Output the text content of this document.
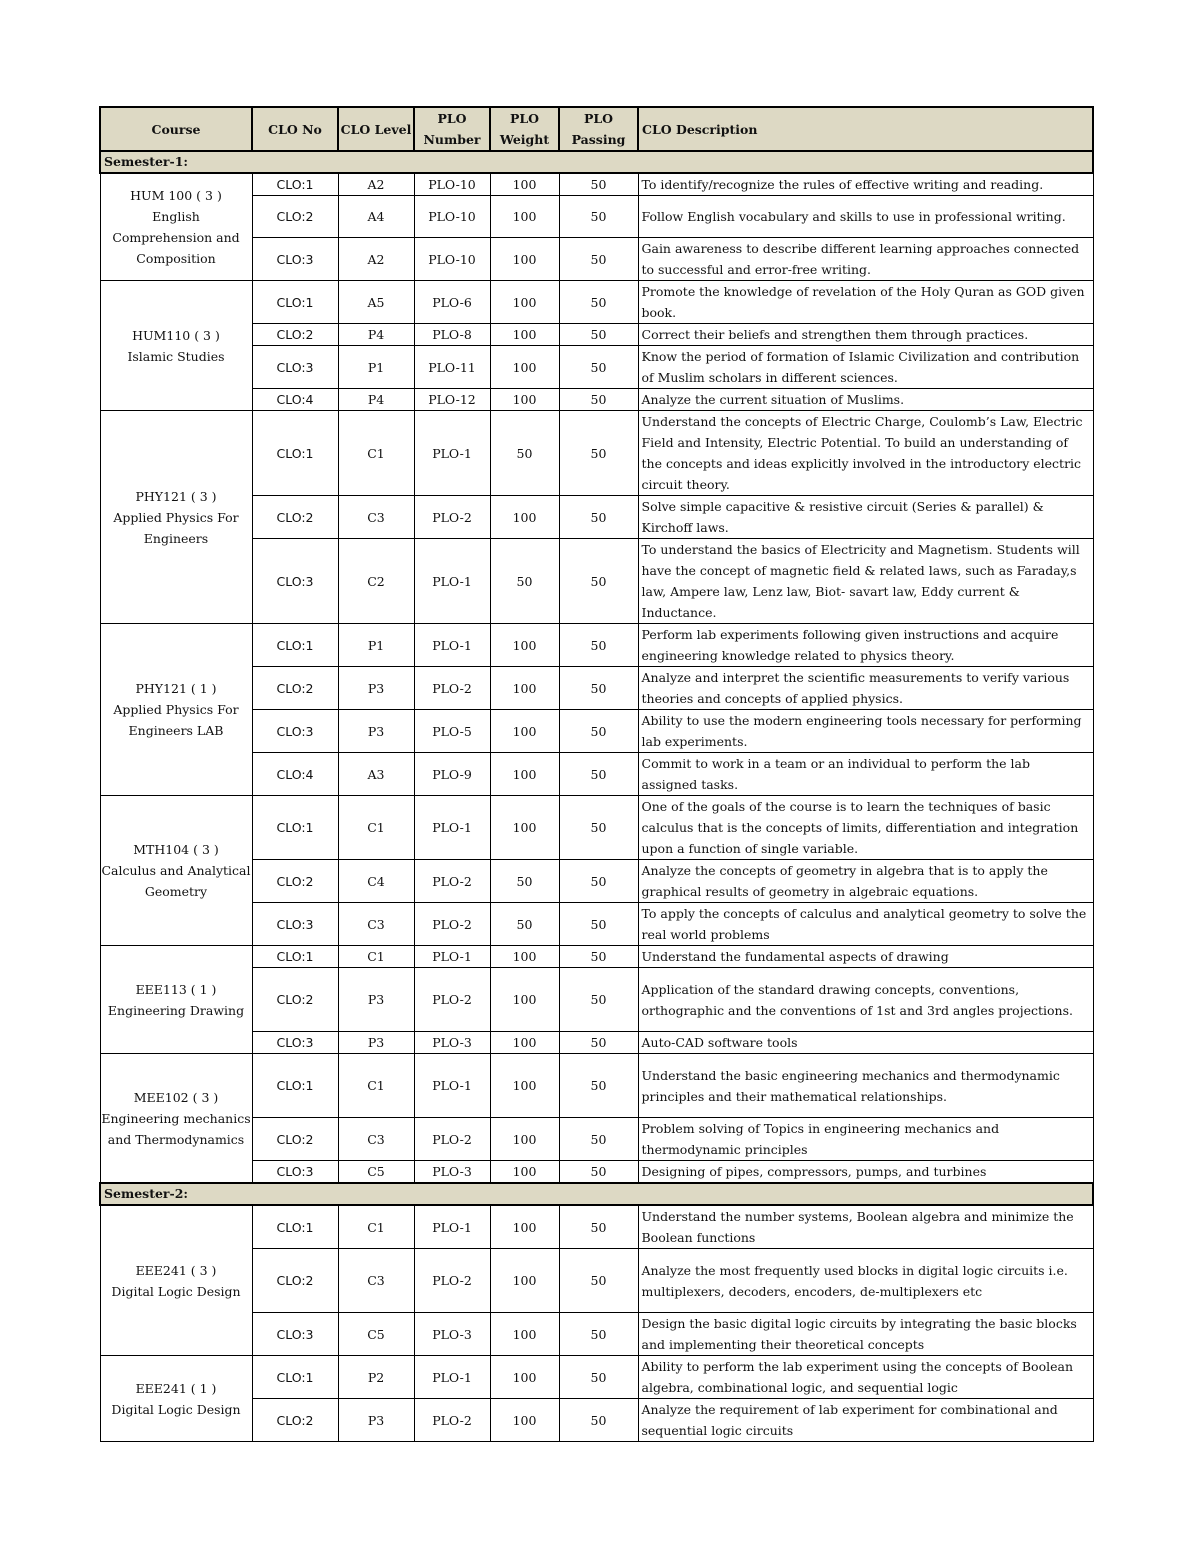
Course	CLO No	CLO Level	PLO Number	PLO Weight	PLO Passing	CLO Description
Semester-1:						

HUM 100 ( 3 )
English Comprehension and Composition	CLO:1	A2	PLO-10	100	50	To identify/recognize the rules of effective writing and reading.
	CLO:2	A4	PLO-10	100	50	Follow English vocabulary and skills to use in professional writing.
	CLO:3	A2	PLO-10	100	50	Gain awareness to describe different learning approaches connected to successful and error-free writing.

HUM110 ( 3 )
Islamic Studies	CLO:1	A5	PLO-6	100	50	Promote the knowledge of revelation of the Holy Quran as GOD given book.
	CLO:2	P4	PLO-8	100	50	Correct their beliefs and strengthen them through practices.
	CLO:3	P1	PLO-11	100	50	Know the period of formation of Islamic Civilization and contribution of Muslim scholars in different sciences.
	CLO:4	P4	PLO-12	100	50	Analyze the current situation of Muslims.

PHY121 ( 3 )
Applied Physics For Engineers	CLO:1	C1	PLO-1	50	50	Understand the concepts of Electric Charge, Coulomb’s Law, Electric Field and Intensity, Electric Potential. To build an understanding of the concepts and ideas explicitly involved in the introductory electric circuit theory.
	CLO:2	C3	PLO-2	100	50	Solve simple capacitive & resistive circuit (Series & parallel) & Kirchoff laws.
	CLO:3	C2	PLO-1	50	50	To understand the basics of Electricity and Magnetism. Students will have the concept of magnetic field & related laws, such as Faraday,s law, Ampere law, Lenz law, Biot- savart law, Eddy current & Inductance.

PHY121 ( 1 )
Applied Physics For Engineers LAB	CLO:1	P1	PLO-1	100	50	Perform lab experiments following given instructions and acquire engineering knowledge related to physics theory.
	CLO:2	P3	PLO-2	100	50	Analyze and interpret the scientific measurements to verify various theories and concepts of applied physics.
	CLO:3	P3	PLO-5	100	50	Ability to use the modern engineering tools necessary for performing lab experiments.
	CLO:4	A3	PLO-9	100	50	Commit to work in a team or an individual to perform the lab assigned tasks.

MTH104 ( 3 )
Calculus and Analytical Geometry	CLO:1	C1	PLO-1	100	50	One of the goals of the course is to learn the techniques of basic calculus that is the concepts of limits, differentiation and integration upon a function of single variable.
	CLO:2	C4	PLO-2	50	50	Analyze the concepts of geometry in algebra that is to apply the graphical results of geometry in algebraic equations.
	CLO:3	C3	PLO-2	50	50	To apply the concepts of calculus and analytical geometry to solve the real world problems

EEE113 ( 1 )
Engineering Drawing	CLO:1	C1	PLO-1	100	50	Understand the fundamental aspects of drawing
	CLO:2	P3	PLO-2	100	50	Application of the standard drawing concepts, conventions, orthographic and the conventions of 1st and 3rd angles projections.
	CLO:3	P3	PLO-3	100	50	Auto-CAD software tools

MEE102 ( 3 )
Engineering mechanics and Thermodynamics	CLO:1	C1	PLO-1	100	50	Understand the basic engineering mechanics and thermodynamic principles and their mathematical relationships.
	CLO:2	C3	PLO-2	100	50	Problem solving of Topics in engineering mechanics and thermodynamic principles
	CLO:3	C5	PLO-3	100	50	Designing of pipes, compressors, pumps, and turbines
Semester-2:						

EEE241 ( 3 )
Digital Logic Design	CLO:1	C1	PLO-1	100	50	Understand the number systems, Boolean algebra and minimize the Boolean functions
	CLO:2	C3	PLO-2	100	50	Analyze the most frequently used blocks in digital logic circuits i.e. multiplexers, decoders, encoders, de-multiplexers etc
	CLO:3	C5	PLO-3	100	50	Design the basic digital logic circuits by integrating the basic blocks and implementing their theoretical concepts

EEE241 ( 1 )
Digital Logic Design	CLO:1	P2	PLO-1	100	50	Ability to perform the lab experiment using the concepts of Boolean algebra, combinational logic, and sequential logic
	CLO:2	P3	PLO-2	100	50	Analyze the requirement of lab experiment for combinational and sequential logic circuits
